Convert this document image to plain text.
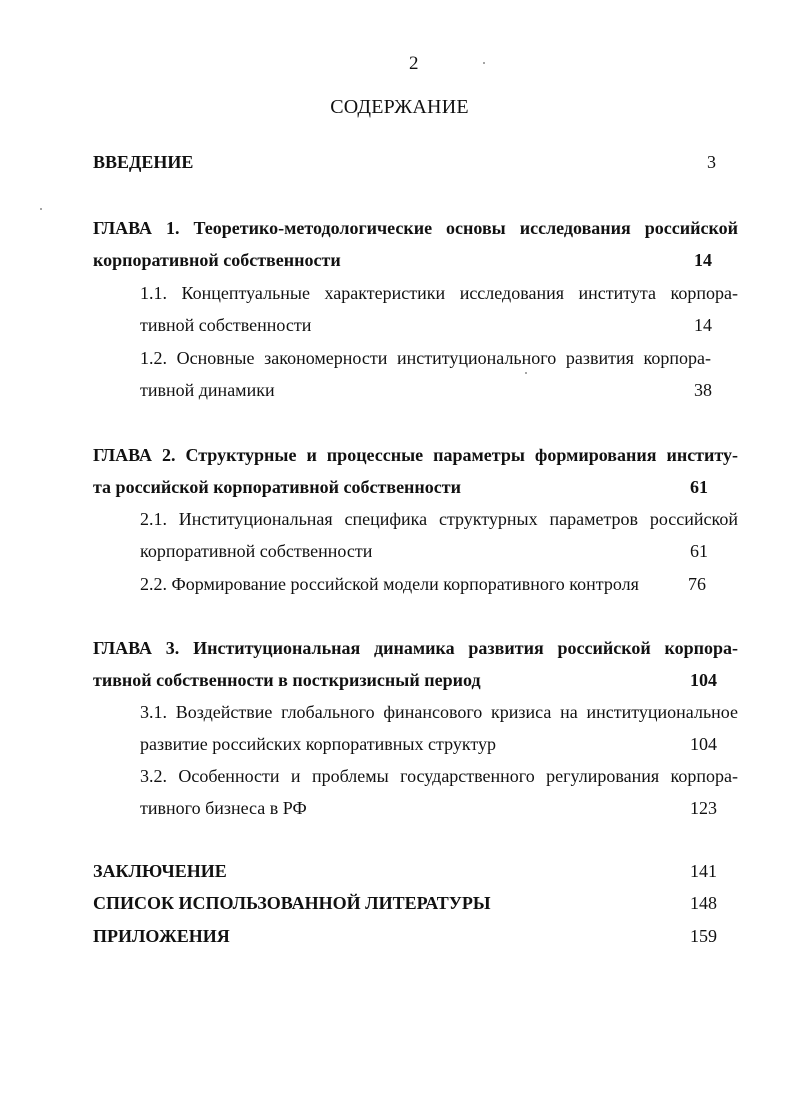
2
СОДЕРЖАНИЕ
ВВЕДЕНИЕ	3
ГЛАВА 1. Теоретико-методологические основы исследования российской
корпоративной собственности	14
1.1. Концептуальные характеристики исследования института корпора-
тивной собственности	14
1.2. Основные закономерности институционального развития корпора-
тивной динамики	38
ГЛАВА 2. Структурные и процессные параметры формирования институ-
та российской корпоративной собственности	61
2.1. Институциональная специфика структурных параметров российской
корпоративной собственности	61
2.2. Формирование российской модели корпоративного контроля	76
ГЛАВА 3. Институциональная динамика развития российской корпора-
тивной собственности в посткризисный период	104
3.1. Воздействие глобального финансового кризиса на институциональное
развитие российских корпоративных структур	104
3.2. Особенности и проблемы государственного регулирования корпора-
тивного бизнеса в РФ	123
ЗАКЛЮЧЕНИЕ	141
СПИСОК ИСПОЛЬЗОВАННОЙ ЛИТЕРАТУРЫ	148
ПРИЛОЖЕНИЯ	159
